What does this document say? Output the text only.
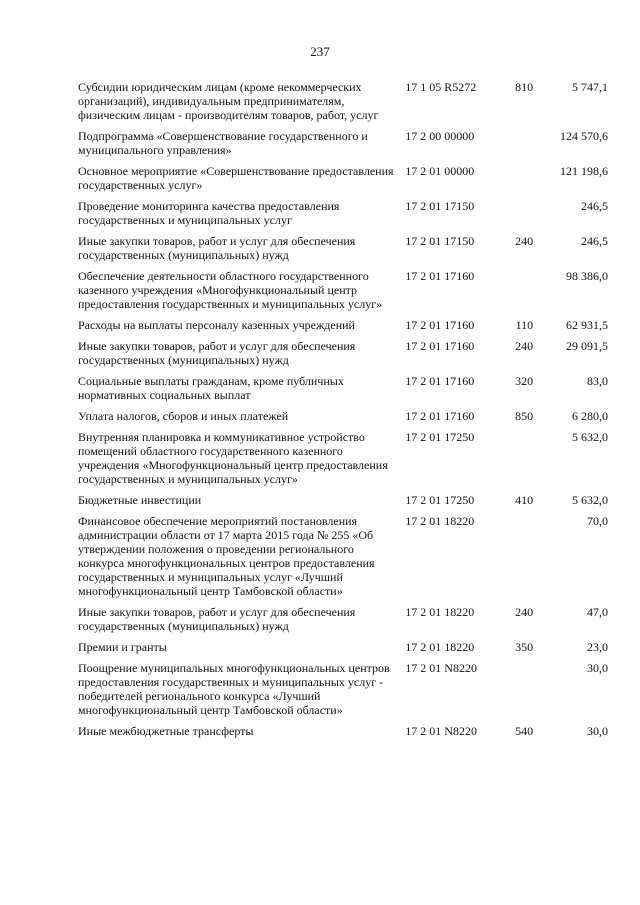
237
Субсидии юридическим лицам (кроме некоммерческих организаций), индивидуальным предпринимателям, физическим лицам - производителям товаров, работ, услуг	17 1 05 R5272	810	5 747,1

Подпрограмма «Совершенствование государственного и муниципального управления»	17 2 00 00000		124 570,6

Основное мероприятие «Совершенствование предоставления государственных услуг»	17 2 01 00000		121 198,6

Проведение мониторинга качества предоставления государственных и муниципальных услуг	17 2 01 17150		246,5

Иные закупки товаров, работ и услуг для обеспечения государственных (муниципальных) нужд	17 2 01 17150	240	246,5

Обеспечение деятельности областного государственного казенного учреждения «Многофункциональный центр предоставления государственных и муниципальных услуг»	17 2 01 17160		98 386,0

Расходы на выплаты персоналу казенных учреждений	17 2 01 17160	110	62 931,5

Иные закупки товаров, работ и услуг для обеспечения государственных (муниципальных) нужд	17 2 01 17160	240	29 091,5

Социальные выплаты гражданам, кроме публичных нормативных социальных выплат	17 2 01 17160	320	83,0

Уплата налогов, сборов и иных платежей	17 2 01 17160	850	6 280,0

Внутренняя планировка и коммуникативное устройство помещений областного государственного казенного учреждения «Многофункциональный центр предоставления государственных и муниципальных услуг»	17 2 01 17250		5 632,0

Бюджетные инвестиции	17 2 01 17250	410	5 632,0

Финансовое обеспечение мероприятий постановления администрации области от 17 марта 2015 года № 255 «Об утверждении положения о проведении регионального конкурса многофункциональных центров предоставления государственных и муниципальных услуг «Лучший многофункциональный центр Тамбовской области»	17 2 01 18220		70,0

Иные закупки товаров, работ и услуг для обеспечения государственных (муниципальных) нужд	17 2 01 18220	240	47,0

Премии и гранты	17 2 01 18220	350	23,0

Поощрение муниципальных многофункциональных центров предоставления государственных и муниципальных услуг - победителей регионального конкурса «Лучший многофункциональный центр Тамбовской области»	17 2 01 N8220		30,0

Иные межбюджетные трансферты	17 2 01 N8220	540	30,0
